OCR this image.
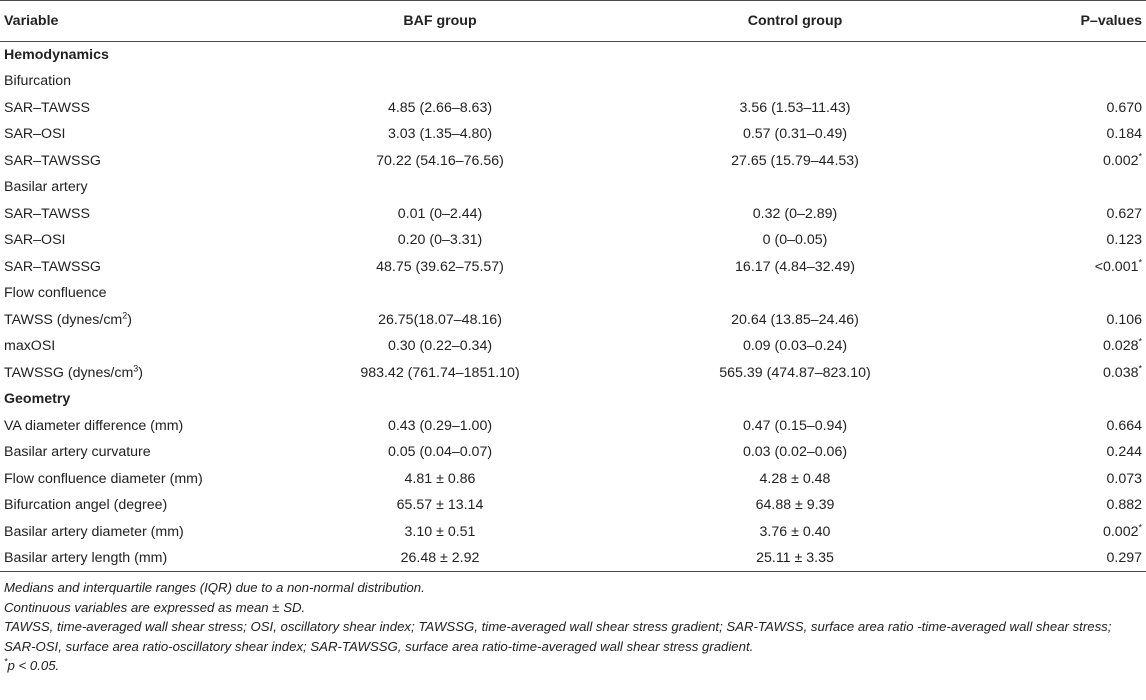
Variable	BAF group	Control group	P–values
Hemodynamics			
Bifurcation			
SAR–TAWSS	4.85 (2.66–8.63)	3.56 (1.53–11.43)	0.670
SAR–OSI	3.03 (1.35–4.80)	0.57 (0.31–0.49)	0.184
SAR–TAWSSG	70.22 (54.16–76.56)	27.65 (15.79–44.53)	0.002*
Basilar artery			
SAR–TAWSS	0.01 (0–2.44)	0.32 (0–2.89)	0.627
SAR–OSI	0.20 (0–3.31)	0 (0–0.05)	0.123
SAR–TAWSSG	48.75 (39.62–75.57)	16.17 (4.84–32.49)	<0.001*
Flow confluence			
TAWSS $(dynes/cm^2)$	26.75(18.07–48.16)	20.64 (13.85–24.46)	0.106
maxOSI	0.30 (0.22–0.34)	0.09 (0.03–0.24)	0.028*
TAWSSG $(dynes/cm^3)$	983.42 (761.74–1851.10)	565.39 (474.87–823.10)	0.038*
Geometry			
VA diameter difference (mm)	0.43 (0.29–1.00)	0.47 (0.15–0.94)	0.664
Basilar artery curvature	0.05 (0.04–0.07)	0.03 (0.02–0.06)	0.244
Flow confluence diameter (mm)	4.81 ± 0.86	4.28 ± 0.48	0.073
Bifurcation angel (degree)	65.57 ± 13.14	64.88 ± 9.39	0.882
Basilar artery diameter (mm)	3.10 ± 0.51	3.76 ± 0.40	0.002*
Basilar artery length (mm)	26.48 ± 2.92	25.11 ± 3.35	0.297
Medians and interquartile ranges (IQR) due to a non-normal distribution.
Continuous variables are expressed as mean ± SD.
TAWSS, time-averaged wall shear stress; OSI, oscillatory shear index; TAWSSG, time-averaged wall shear stress gradient; SAR-TAWSS, surface area ratio -time-averaged wall shear stress; SAR-OSI, surface area ratio-oscillatory shear index; SAR-TAWSSG, surface area ratio-time-averaged wall shear stress gradient.
*p < 0.05.
